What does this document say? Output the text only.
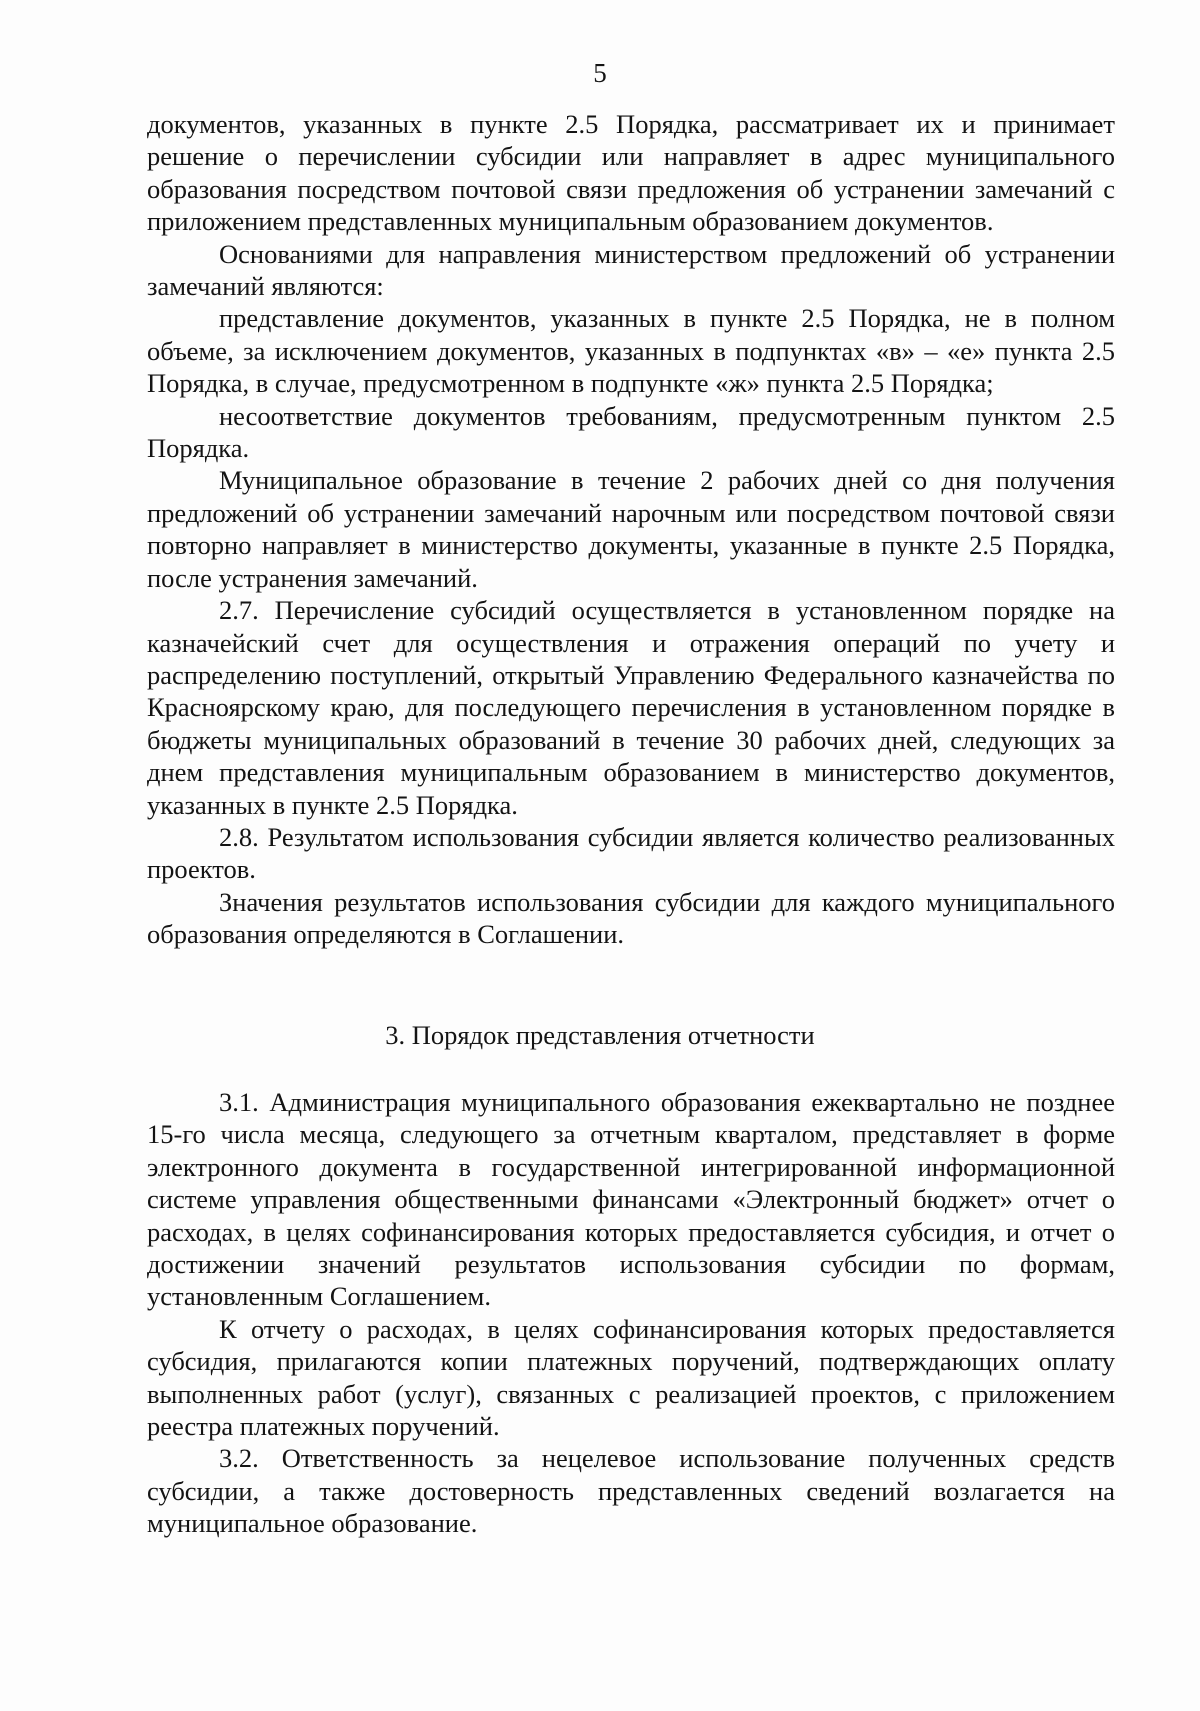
5

документов, указанных в пункте 2.5 Порядка, рассматривает их и принимает решение о перечислении субсидии или направляет в адрес муниципального образования посредством почтовой связи предложения об устранении замечаний с приложением представленных муниципальным образованием документов.

Основаниями для направления министерством предложений об устранении замечаний являются:

представление документов, указанных в пункте 2.5 Порядка, не в полном объеме, за исключением документов, указанных в подпунктах «в» – «е» пункта 2.5 Порядка, в случае, предусмотренном в подпункте «ж» пункта 2.5 Порядка;

несоответствие документов требованиям, предусмотренным пунктом 2.5 Порядка.

Муниципальное образование в течение 2 рабочих дней со дня получения предложений об устранении замечаний нарочным или посредством почтовой связи повторно направляет в министерство документы, указанные в пункте 2.5 Порядка, после устранения замечаний.

2.7. Перечисление субсидий осуществляется в установленном порядке на казначейский счет для осуществления и отражения операций по учету и распределению поступлений, открытый Управлению Федерального казначейства по Красноярскому краю, для последующего перечисления в установленном порядке в бюджеты муниципальных образований в течение 30 рабочих дней, следующих за днем представления муниципальным образованием в министерство документов, указанных в пункте 2.5 Порядка.

2.8. Результатом использования субсидии является количество реализованных проектов.

Значения результатов использования субсидии для каждого муниципального образования определяются в Соглашении.

3. Порядок представления отчетности

3.1. Администрация муниципального образования ежеквартально не позднее 15-го числа месяца, следующего за отчетным кварталом, представляет в форме электронного документа в государственной интегрированной информационной системе управления общественными финансами «Электронный бюджет» отчет о расходах, в целях софинансирования которых предоставляется субсидия, и отчет о достижении значений результатов использования субсидии по формам, установленным Соглашением.

К отчету о расходах, в целях софинансирования которых предоставляется субсидия, прилагаются копии платежных поручений, подтверждающих оплату выполненных работ (услуг), связанных с реализацией проектов, с приложением реестра платежных поручений.

3.2. Ответственность за нецелевое использование полученных средств субсидии, а также достоверность представленных сведений возлагается на муниципальное образование.
